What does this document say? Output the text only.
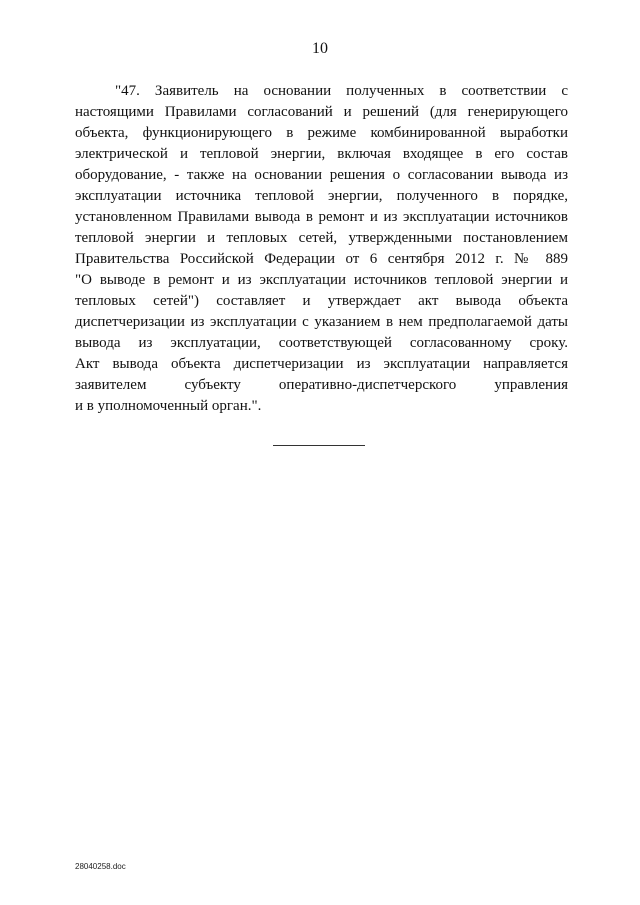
10
"47. Заявитель на основании полученных в соответствии с
настоящими Правилами согласований и решений (для генерирующего
объекта, функционирующего в режиме комбинированной выработки
электрической и тепловой энергии, включая входящее в его состав
оборудование, - также на основании решения о согласовании вывода из
эксплуатации источника тепловой энергии, полученного в порядке,
установленном Правилами вывода в ремонт и из эксплуатации источников
тепловой энергии и тепловых сетей, утвержденными постановлением
Правительства Российской Федерации от 6 сентября 2012 г. № 889
"О выводе в ремонт и из эксплуатации источников тепловой энергии и
тепловых сетей") составляет и утверждает акт вывода объекта
диспетчеризации из эксплуатации с указанием в нем предполагаемой даты
вывода из эксплуатации, соответствующей согласованному сроку.
Акт вывода объекта диспетчеризации из эксплуатации направляется
заявителем субъекту оперативно-диспетчерского управления
и в уполномоченный орган.".
28040258.doc
